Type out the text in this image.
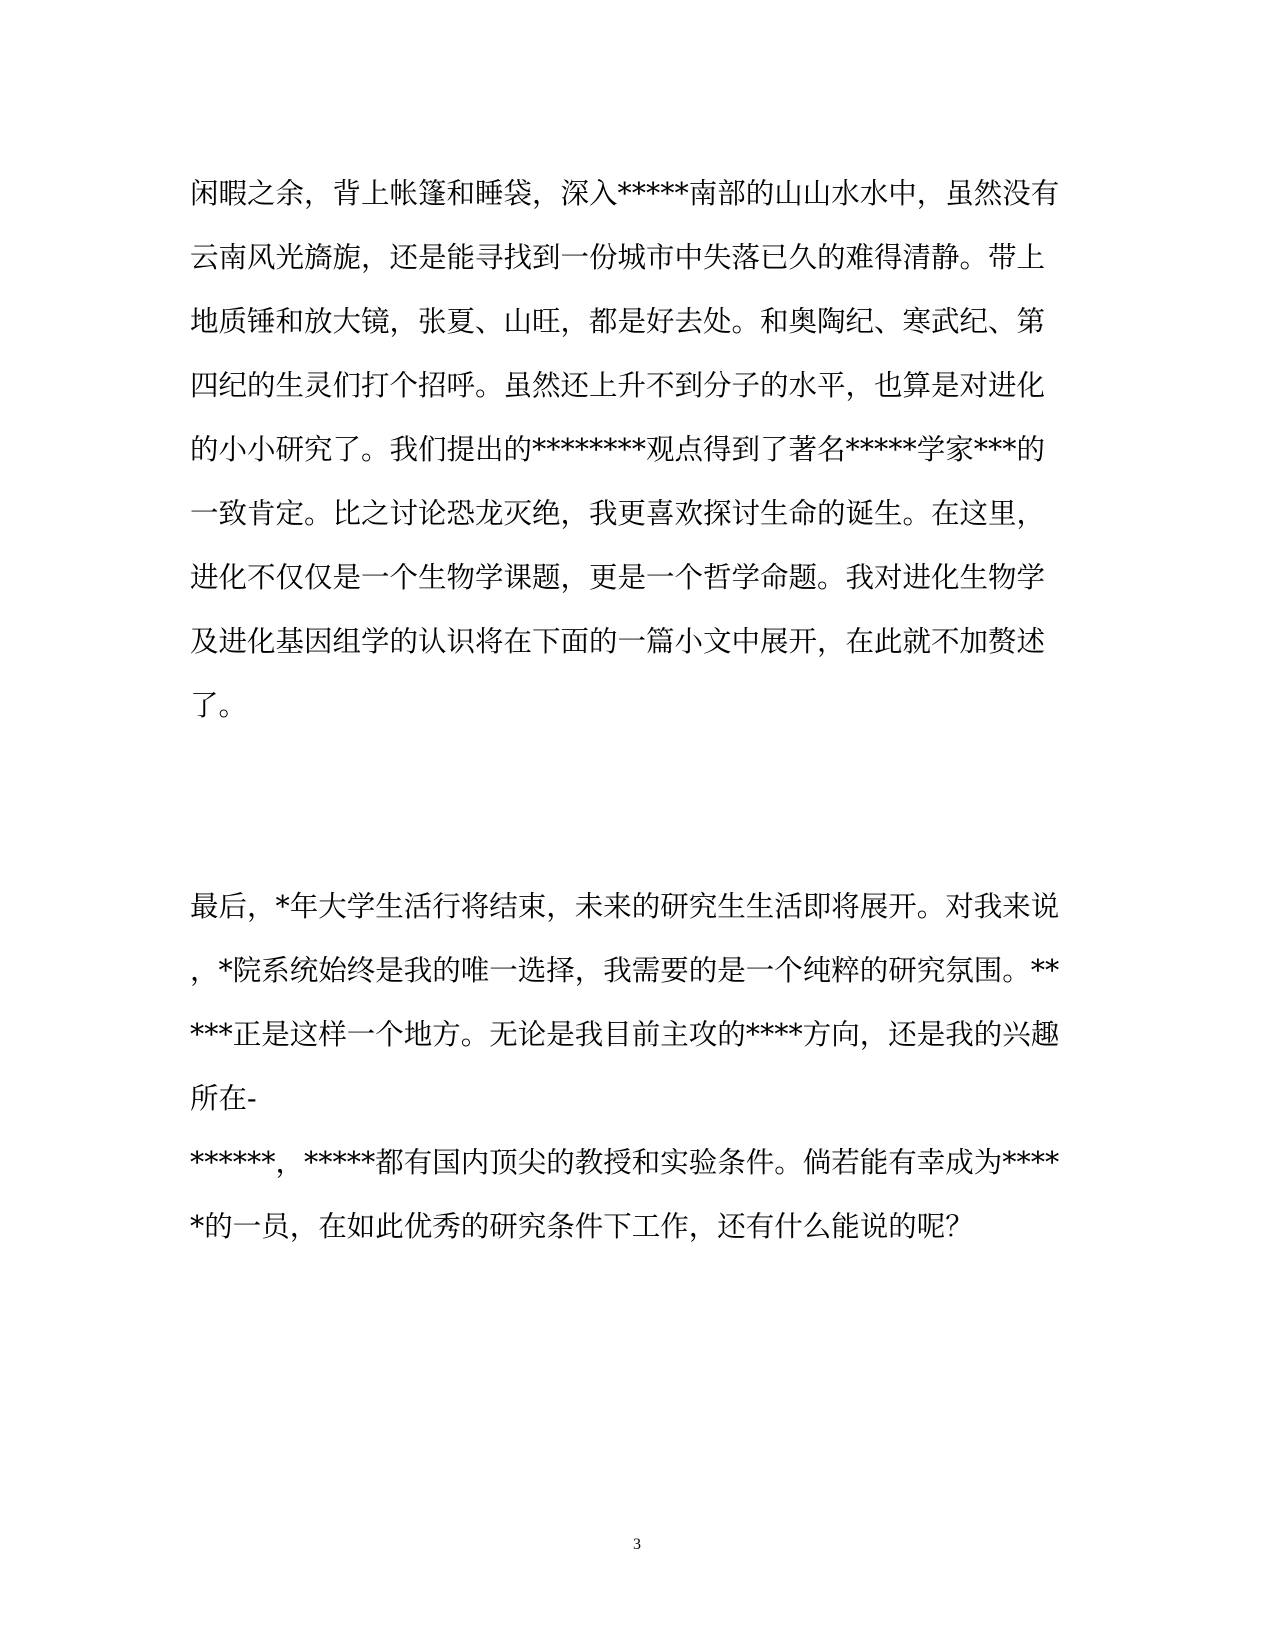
闲暇之余，背上帐篷和睡袋，深入*****南部的山山水水中，虽然没有
云南风光旖旎，还是能寻找到一份城市中失落已久的难得清静。带上
地质锤和放大镜，张夏、山旺，都是好去处。和奥陶纪、寒武纪、第
四纪的生灵们打个招呼。虽然还上升不到分子的水平，也算是对进化
的小小研究了。我们提出的********观点得到了著名*****学家***的
一致肯定。比之讨论恐龙灭绝，我更喜欢探讨生命的诞生。在这里，
进化不仅仅是一个生物学课题，更是一个哲学命题。我对进化生物学
及进化基因组学的认识将在下面的一篇小文中展开，在此就不加赘述
了。
最后，*年大学生活行将结束，未来的研究生生活即将展开。对我来说
，*院系统始终是我的唯一选择，我需要的是一个纯粹的研究氛围。**
***正是这样一个地方。无论是我目前主攻的****方向，还是我的兴趣
所在-
******，*****都有国内顶尖的教授和实验条件。倘若能有幸成为****
*的一员，在如此优秀的研究条件下工作，还有什么能说的呢？
3
